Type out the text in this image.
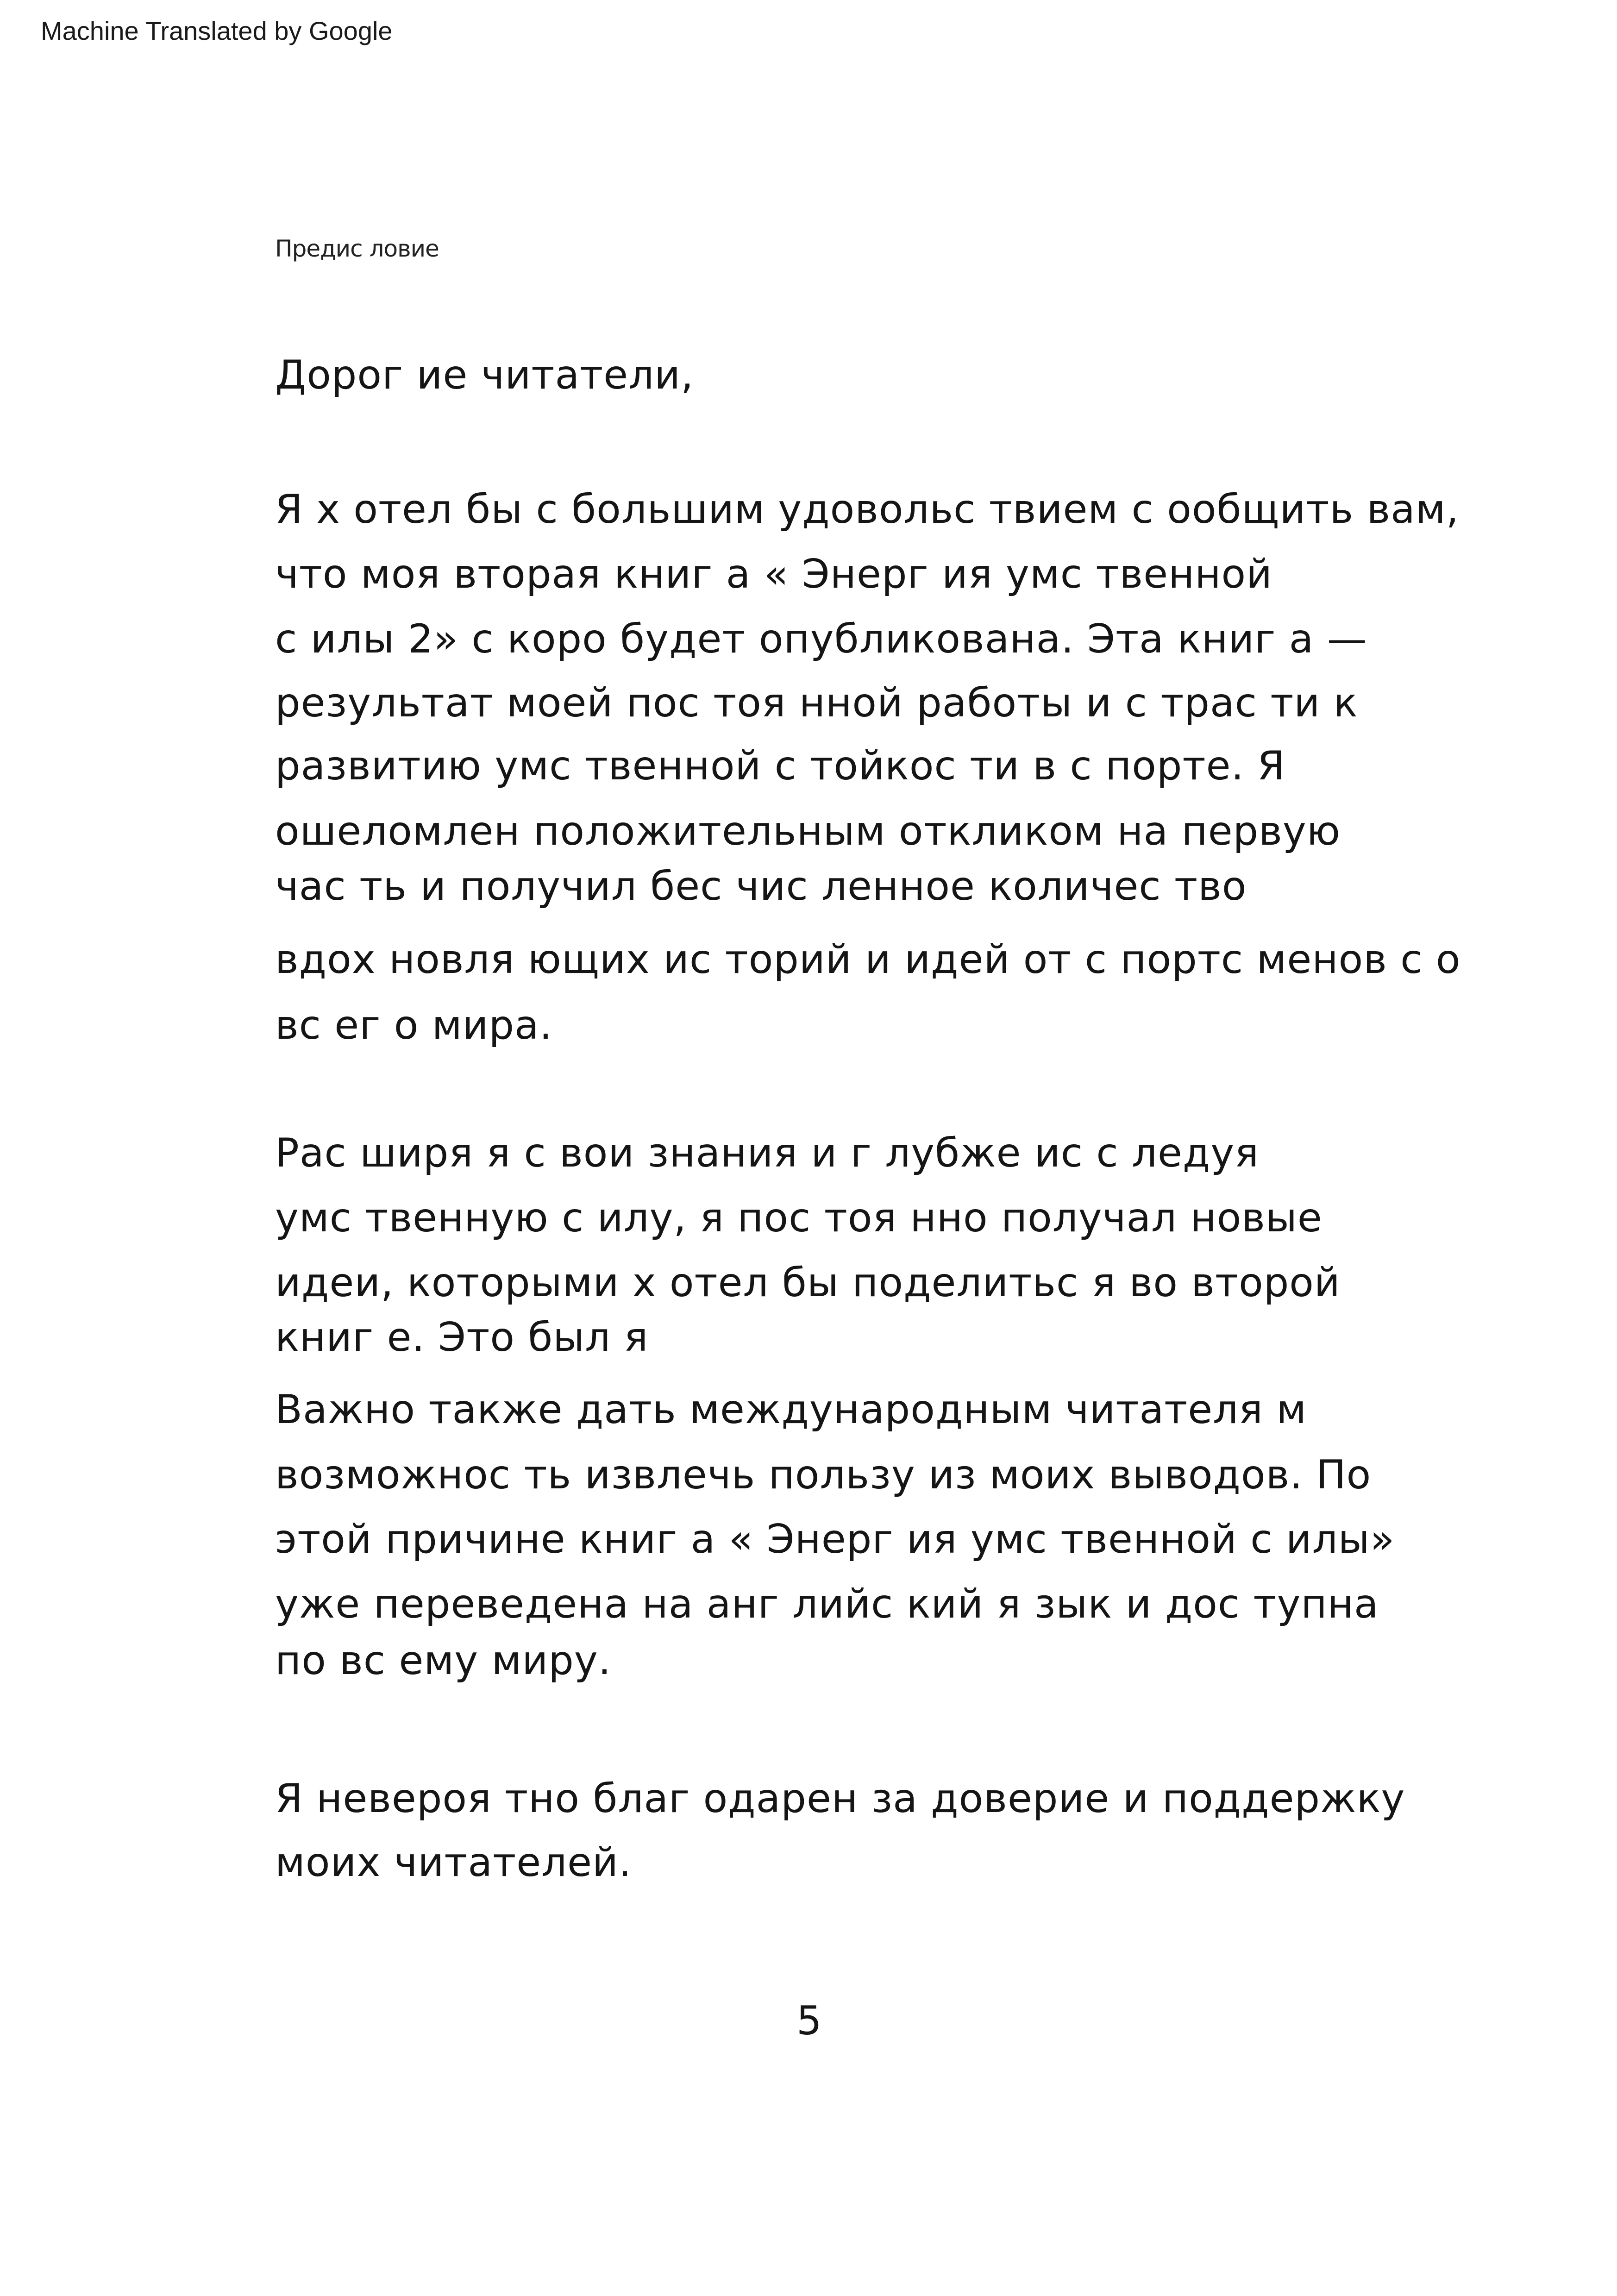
Machine Translated by Google
Предис ловие
Дорог ие читатели,
Я х отел бы с большим удовольс твием с ообщить вам,
что моя вторая книг а « Энерг ия умс твенной
с илы 2» с коро будет опубликована. Эта книг а —
результат моей пос тоя нной работы и с трас ти к
развитию умс твенной с тойкос ти в с порте. Я
ошеломлен положительным откликом на первую
час ть и получил бес чис ленное количес тво
вдох новля ющих ис торий и идей от с портс менов с о
вс ег о мира.
Рас ширя я с вои знания и г лубже ис с ледуя
умс твенную с илу, я пос тоя нно получал новые
идеи, которыми х отел бы поделитьс я во второй
книг е. Это был я
Важно также дать международным читателя м
возможнос ть извлечь пользу из моих выводов. По
этой причине книг а « Энерг ия умс твенной с илы»
уже переведена на анг лийс кий я зык и дос тупна
по вс ему миру.
Я невероя тно благ одарен за доверие и поддержку
моих читателей.
5
